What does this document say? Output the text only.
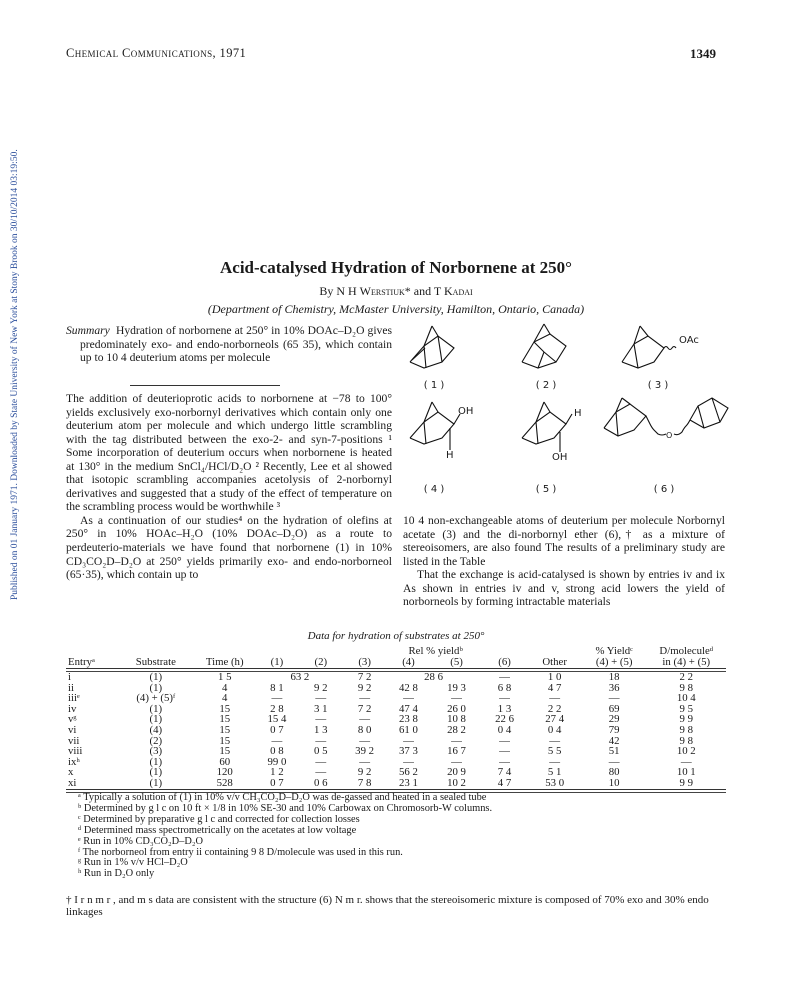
Published on 01 January 1971. Downloaded by State University of New York at Stony Brook on 30/10/2014 03:19:50.
Chemical Communications, 1971	1349
Acid-catalysed Hydration of Norbornene at 250°
By N H Werstiuk* and T Kadai
(Department of Chemistry, McMaster University, Hamilton, Ontario, Canada)

Summary Hydration of norbornene at 250° in 10% DOAc–D₂O gives predominately exo- and endo-norborneols (65 35), which contain up to 10 4 deuterium atoms per molecule

The addition of deuterioprotic acids to norbornene at −78 to 100° yields exclusively exo-norbornyl derivatives which contain only one deuterium atom per molecule and which undergo little scrambling with the tag distributed between the exo-2- and syn-7-positions ¹ Some incorporation of deuterium occurs when norbornene is heated at 130° in the medium SnCl₄/HCl/D₂O ² Recently, Lee et al showed that isotopic scrambling accompanies acetolysis of 2-norbornyl derivatives and suggested that a study of the effect of temperature on the scrambling process would be worthwhile ³

As a continuation of our studies⁴ on the hydration of olefins at 250° in 10% HOAc–H₂O (10% DOAc–D₂O) as a route to perdeuterio-materials we have found that norbornene (1) in 10% CD₃CO₂D–D₂O at 250° yields primarily exo- and endo-norborneol (65·35), which contain up to

( 1 )	( 2 )
OAc
( 3 )
OH
H
( 4 )
H
OH
( 5 )
O
( 6 )

10 4 non-exchangeable atoms of deuterium per molecule Norbornyl acetate (3) and the di-norbornyl ether (6),† as a mixture of stereoisomers, are also found The results of a preliminary study are listed in the Table

That the exchange is acid-catalysed is shown by entries iv and ix As shown in entries iv and v, strong acid lowers the yield of norborneols by forming intractable materials

Data for hydration of substrates at 250°
					Rel % yieldᵇ					% Yieldᶜ	D/moleculeᵈ
Entryᵃ	Substrate	Time (h)	(1)	(2)	(3)	(4)	(5)	(6)	Other	(4) + (5)	in (4) + (5)

i	(1)	1 5	63 2		7 2	28 6		—	1 0	18	2 2
ii	(1)	4	8 1	9 2	9 2	42 8	19 3	6 8	4 7	36	9 8
iiiᵉ	(4) + (5)ᶠ	4	—	—	—	—	—	—	—	—	10 4
iv	(1)	15	2 8	3 1	7 2	47 4	26 0	1 3	2 2	69	9 5
vᵍ	(1)	15	15 4	—	—	23 8	10 8	22 6	27 4	29	9 9
vi	(4)	15	0 7	1 3	8 0	61 0	28 2	0 4	0 4	79	9 8
vii	(2)	15	—	—	—	—	—	—	—	42	9 8
viii	(3)	15	0 8	0 5	39 2	37 3	16 7	—	5 5	51	10 2
ixʰ	(1)	60	99 0	—	—	—	—	—	—	—	—
x	(1)	120	1 2	—	9 2	56 2	20 9	7 4	5 1	80	10 1
xi	(1)	528	0 7	0 6	7 8	23 1	10 2	4 7	53 0	10	9 9

ᵃ Typically a solution of (1) in 10% v/v CH₃CO₂D–D₂O was de-gassed and heated in a sealed tube
ᵇ Determined by g l c on 10 ft × 1/8 in 10% SE-30 and 10% Carbowax on Chromosorb-W columns.
ᶜ Determined by preparative g l c and corrected for collection losses
ᵈ Determined mass spectrometrically on the acetates at low voltage
ᵉ Run in 10% CD₃CO₂D–D₂O
ᶠ The norborneol from entry ii containing 9 8 D/molecule was used in this run.
ᵍ Run in 1% v/v HCl–D₂O
ʰ Run in D₂O only
† I r n m r , and m s data are consistent with the structure (6) N m r. shows that the stereoisomeric mixture is composed of 70% exo and 30% endo linkages
